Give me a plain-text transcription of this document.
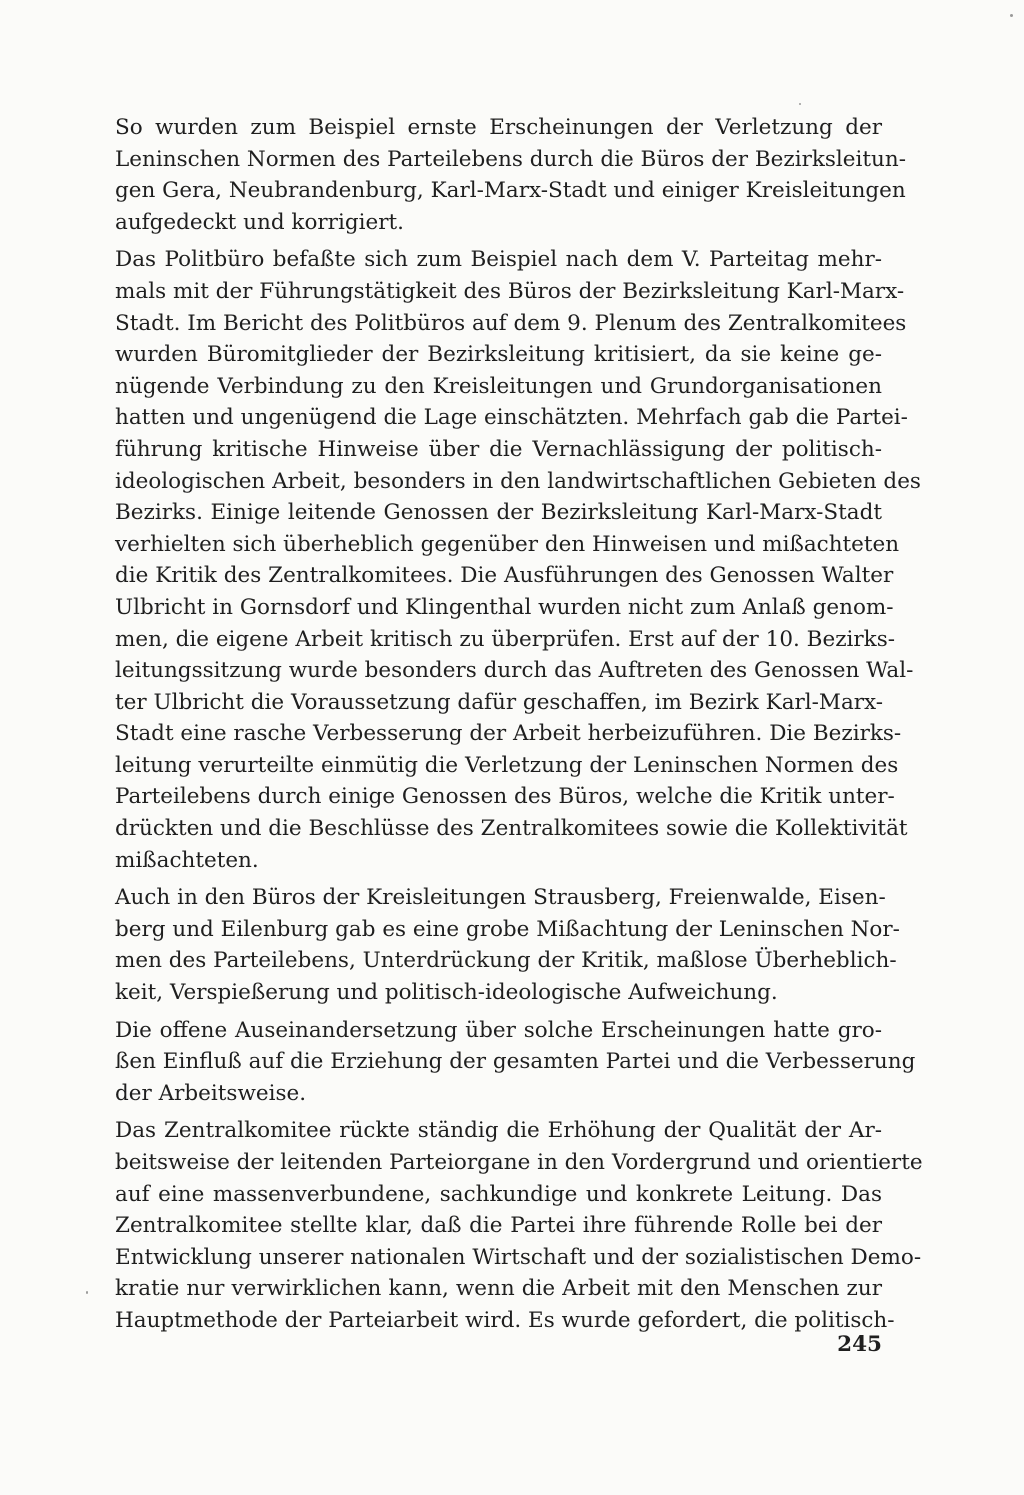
So wurden zum Beispiel ernste Erscheinungen der Verletzung der
Leninschen Normen des Parteilebens durch die Büros der Bezirksleitun-
gen Gera, Neubrandenburg, Karl-Marx-Stadt und einiger Kreisleitungen
aufgedeckt und korrigiert.
Das Politbüro befaßte sich zum Beispiel nach dem V. Parteitag mehr-
mals mit der Führungstätigkeit des Büros der Bezirksleitung Karl-Marx-
Stadt. Im Bericht des Politbüros auf dem 9. Plenum des Zentralkomitees
wurden Büromitglieder der Bezirksleitung kritisiert, da sie keine ge-
nügende Verbindung zu den Kreisleitungen und Grundorganisationen
hatten und ungenügend die Lage einschätzten. Mehrfach gab die Partei-
führung kritische Hinweise über die Vernachlässigung der politisch-
ideologischen Arbeit, besonders in den landwirtschaftlichen Gebieten des
Bezirks. Einige leitende Genossen der Bezirksleitung Karl-Marx-Stadt
verhielten sich überheblich gegenüber den Hinweisen und mißachteten
die Kritik des Zentralkomitees. Die Ausführungen des Genossen Walter
Ulbricht in Gornsdorf und Klingenthal wurden nicht zum Anlaß genom-
men, die eigene Arbeit kritisch zu überprüfen. Erst auf der 10. Bezirks-
leitungssitzung wurde besonders durch das Auftreten des Genossen Wal-
ter Ulbricht die Voraussetzung dafür geschaffen, im Bezirk Karl-Marx-
Stadt eine rasche Verbesserung der Arbeit herbeizuführen. Die Bezirks-
leitung verurteilte einmütig die Verletzung der Leninschen Normen des
Parteilebens durch einige Genossen des Büros, welche die Kritik unter-
drückten und die Beschlüsse des Zentralkomitees sowie die Kollektivität
mißachteten.
Auch in den Büros der Kreisleitungen Strausberg, Freienwalde, Eisen-
berg und Eilenburg gab es eine grobe Mißachtung der Leninschen Nor-
men des Parteilebens, Unterdrückung der Kritik, maßlose Überheblich-
keit, Verspießerung und politisch-ideologische Aufweichung.
Die offene Auseinandersetzung über solche Erscheinungen hatte gro-
ßen Einfluß auf die Erziehung der gesamten Partei und die Verbesserung
der Arbeitsweise.
Das Zentralkomitee rückte ständig die Erhöhung der Qualität der Ar-
beitsweise der leitenden Parteiorgane in den Vordergrund und orientierte
auf eine massenverbundene, sachkundige und konkrete Leitung. Das
Zentralkomitee stellte klar, daß die Partei ihre führende Rolle bei der
Entwicklung unserer nationalen Wirtschaft und der sozialistischen Demo-
kratie nur verwirklichen kann, wenn die Arbeit mit den Menschen zur
Hauptmethode der Parteiarbeit wird. Es wurde gefordert, die politisch-
245
